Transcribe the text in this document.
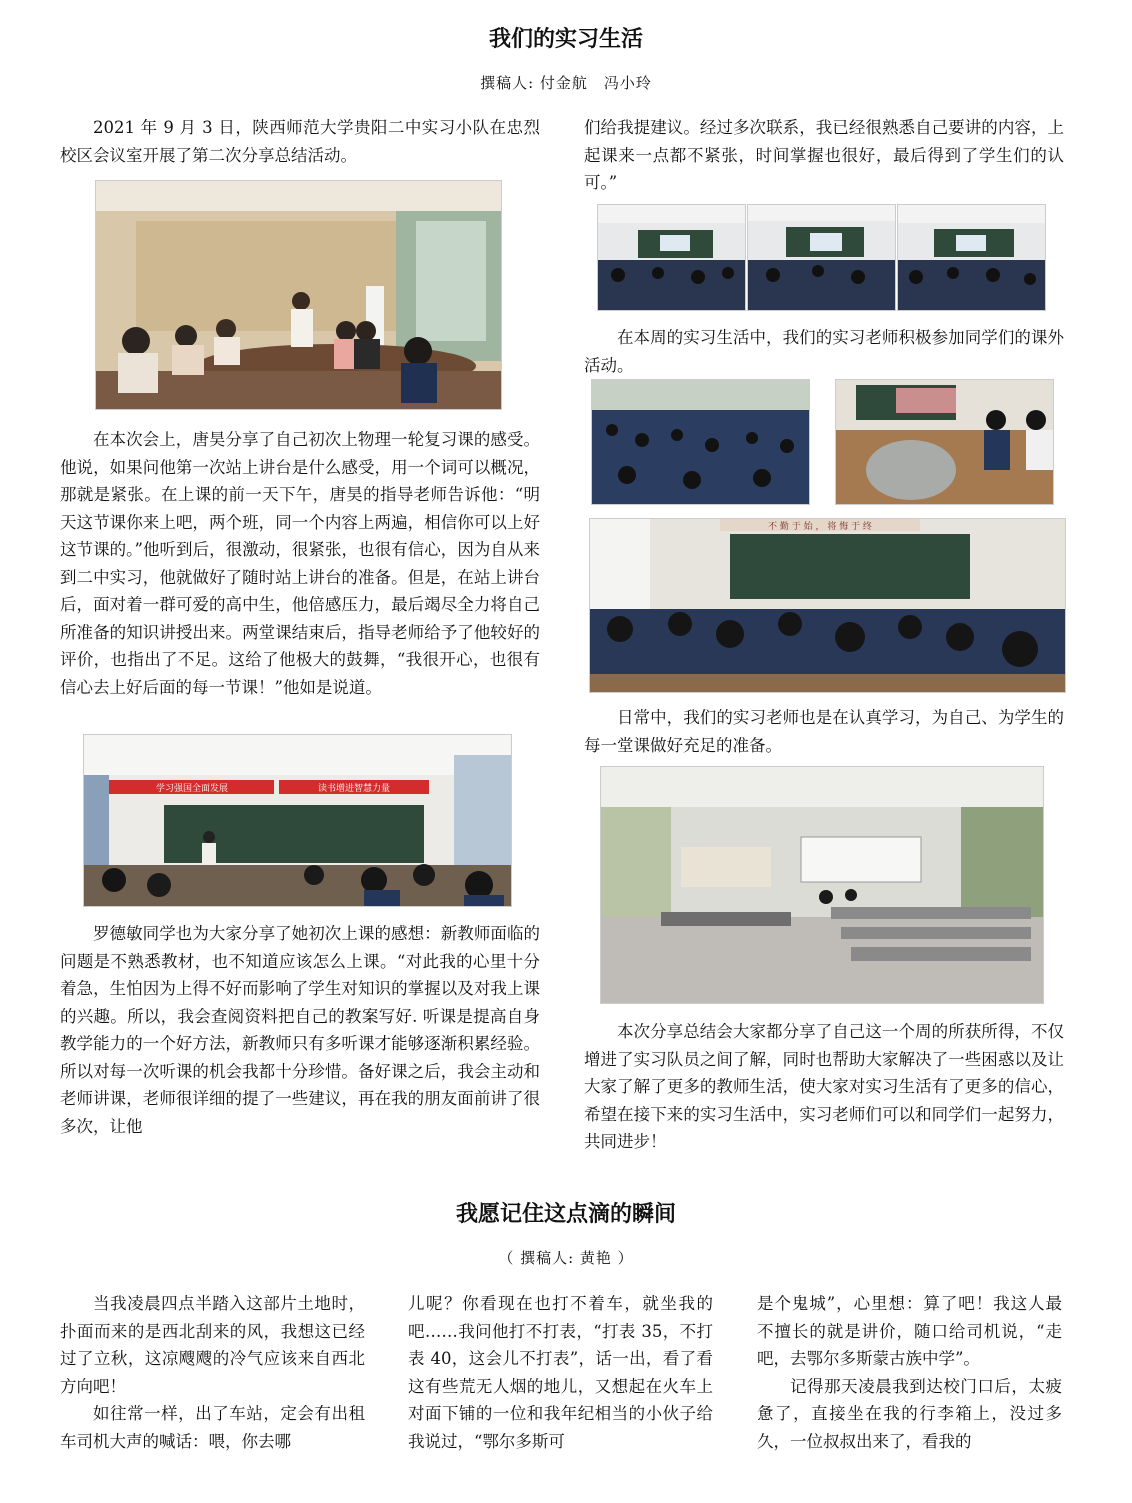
我们的实习生活
撰稿人: 付金航　冯小玲
2021 年 9 月 3 日，陕西师范大学贵阳二中实习小队在忠烈校区会议室开展了第二次分享总结活动。
在本次会上，唐昊分享了自己初次上物理一轮复习课的感受。他说，如果问他第一次站上讲台是什么感受，用一个词可以概况，那就是紧张。在上课的前一天下午，唐昊的指导老师告诉他：“明天这节课你来上吧，两个班，同一个内容上两遍，相信你可以上好这节课的。”他听到后，很激动，很紧张，也很有信心，因为自从来到二中实习，他就做好了随时站上讲台的准备。但是，在站上讲台后，面对着一群可爱的高中生，他倍感压力，最后竭尽全力将自己所准备的知识讲授出来。两堂课结束后，指导老师给予了他较好的评价，也指出了不足。这给了他极大的鼓舞，“我很开心，也很有信心去上好后面的每一节课！”他如是说道。
学习强国全面发展	读书增进智慧力量
罗德敏同学也为大家分享了她初次上课的感想：新教师面临的问题是不熟悉教材，也不知道应该怎么上课。“对此我的心里十分着急，生怕因为上得不好而影响了学生对知识的掌握以及对我上课的兴趣。所以，我会查阅资料把自己的教案写好. 听课是提高自身教学能力的一个好方法，新教师只有多听课才能够逐渐积累经验。所以对每一次听课的机会我都十分珍惜。备好课之后，我会主动和老师讲课，老师很详细的提了一些建议，再在我的朋友面前讲了很多次，让他
们给我提建议。经过多次联系，我已经很熟悉自己要讲的内容，上起课来一点都不紧张，时间掌握也很好，最后得到了学生们的认可。”
在本周的实习生活中，我们的实习老师积极参加同学们的课外活动。
不 勤 于 始 ， 将 悔 于 终
日常中，我们的实习老师也是在认真学习，为自己、为学生的每一堂课做好充足的准备。
本次分享总结会大家都分享了自己这一个周的所获所得，不仅增进了实习队员之间了解，同时也帮助大家解决了一些困惑以及让大家了解了更多的教师生活，使大家对实习生活有了更多的信心，希望在接下来的实习生活中，实习老师们可以和同学们一起努力，共同进步！
我愿记住这点滴的瞬间
（ 撰稿人: 黄艳 ）
当我凌晨四点半踏入这部片土地时，扑面而来的是西北刮来的风，我想这已经过了立秋，这凉飕飕的冷气应该来自西北方向吧！
如往常一样，出了车站，定会有出租车司机大声的喊话：喂，你去哪
儿呢？你看现在也打不着车，就坐我的吧……我问他打不打表，“打表 35，不打表 40，这会儿不打表”，话一出，看了看这有些荒无人烟的地儿，又想起在火车上对面下铺的一位和我年纪相当的小伙子给我说过，“鄂尔多斯可
是个鬼城”，心里想：算了吧！我这人最不擅长的就是讲价，随口给司机说，“走吧，去鄂尔多斯蒙古族中学”。
记得那天凌晨我到达校门口后，太疲惫了，直接坐在我的行李箱上，没过多久，一位叔叔出来了，看我的
